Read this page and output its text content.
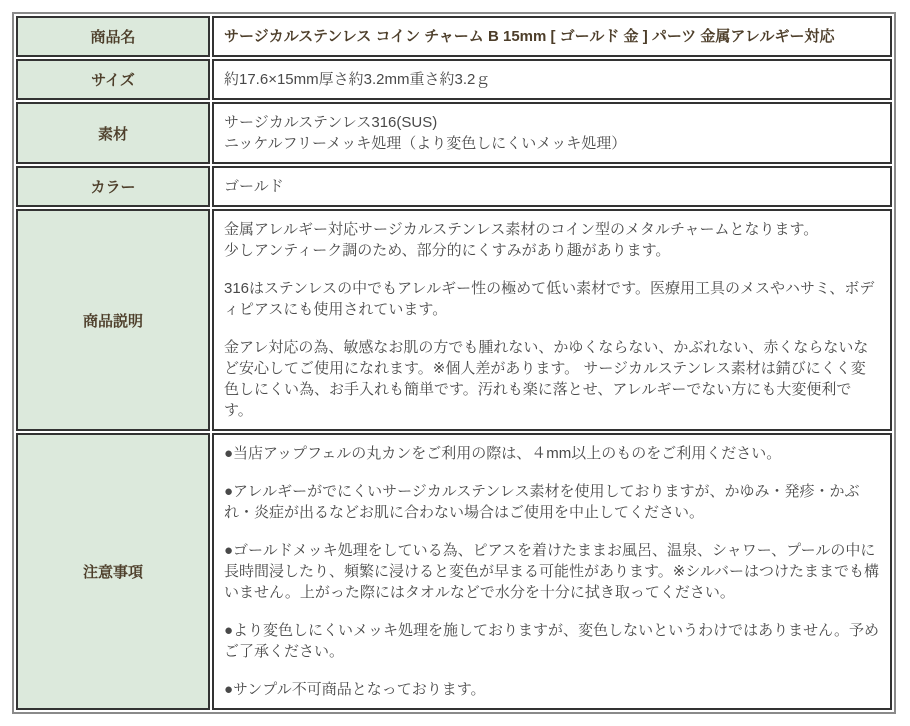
商品名	サージカルステンレス コイン チャーム B 15mm [ ゴールド 金 ] パーツ 金属アレルギー対応

サイズ	約17.6×15mm厚さ約3.2mm重さ約3.2ｇ

素材	サージカルステンレス316(SUS)
ニッケルフリーメッキ処理（より変色しにくいメッキ処理）

カラー	ゴールド

商品説明	金属アレルギー対応サージカルステンレス素材のコイン型のメタルチャームとなります。
少しアンティーク調のため、部分的にくすみがあり趣があります。
316はステンレスの中でもアレルギー性の極めて低い素材です。医療用工具のメスやハサミ、ボディピアスにも使用されています。
金アレ対応の為、敏感なお肌の方でも腫れない、かゆくならない、かぶれない、赤くならないなど安心してご使用になれます。※個人差があります。 サージカルステンレス素材は錆びにくく変色しにくい為、お手入れも簡単です。汚れも楽に落とせ、アレルギーでない方にも大変便利です。

注意事項	●当店アップフェルの丸カンをご利用の際は、４mm以上のものをご利用ください。
●アレルギーがでにくいサージカルステンレス素材を使用しておりますが、かゆみ・発疹・かぶれ・炎症が出るなどお肌に合わない場合はご使用を中止してください。
●ゴールドメッキ処理をしている為、ピアスを着けたままお風呂、温泉、シャワー、プールの中に長時間浸したり、頻繁に浸けると変色が早まる可能性があります。※シルバーはつけたままでも構いません。上がった際にはタオルなどで水分を十分に拭き取ってください。
●より変色しにくいメッキ処理を施しておりますが、変色しないというわけではありません。予めご了承ください。
●サンプル不可商品となっております。
